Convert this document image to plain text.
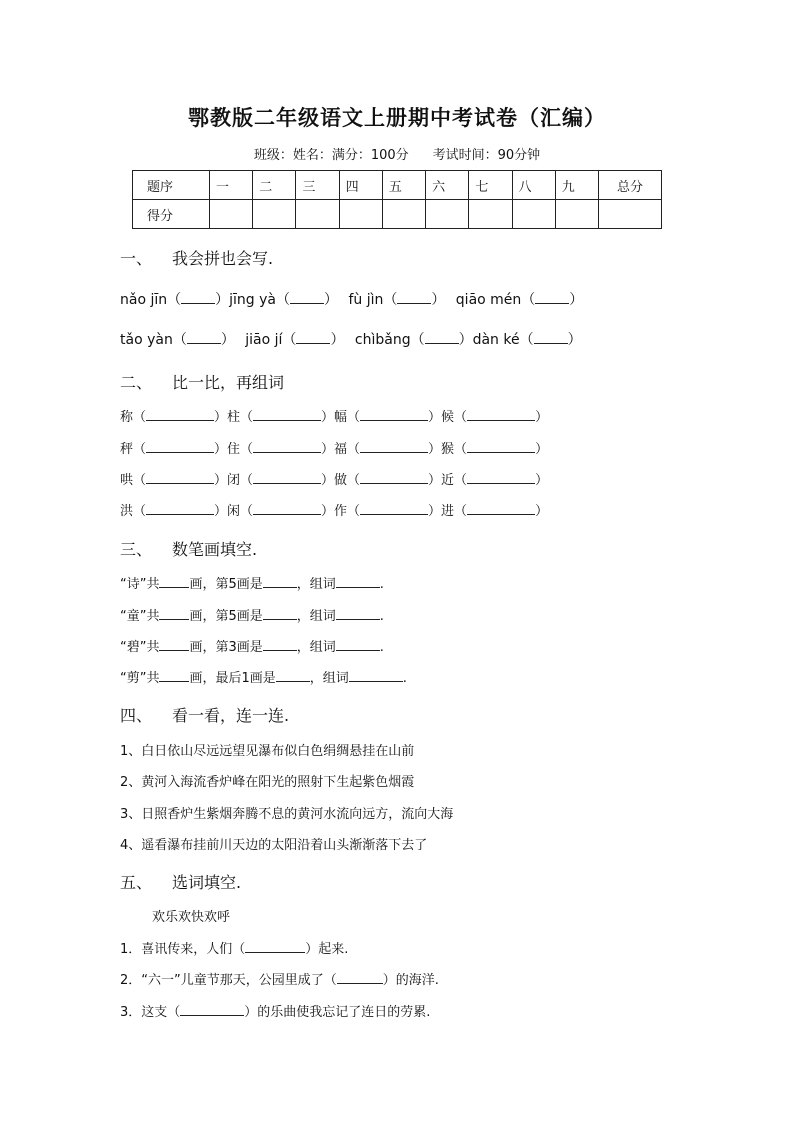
鄂教版二年级语文上册期中考试卷（汇编）
班级：姓名：满分：100分 考试时间：90分钟
题序	一	二	三	四	五	六	七	八	九	总分
得分										
一、 我会拼也会写.
nǎo jīn（ ）jīng yà（ ） fù jìn（ ） qiāo mén（ ）
tǎo yàn（ ） jiāo jí（ ） chìbǎng（ ）dàn ké（ ）
二、 比一比，再组词
称（	）柱（	）幅（	）候（	）
秤（	）住（	）福（	）猴（	）
哄（	）闭（	）做（	）近（	）
洪（	）闲（	）作（	）进（	）
三、 数笔画填空.
“诗”共 画，第5画是	，组词	.
“童”共 画，第5画是	，组词	.
“碧”共 画，第3画是	，组词	.
“剪”共 画，最后1画是	，组词	.
四、 看一看，连一连.
1、白日依山尽远远望见瀑布似白色绢绸悬挂在山前
2、黄河入海流香炉峰在阳光的照射下生起紫色烟霞
3、日照香炉生紫烟奔腾不息的黄河水流向远方，流向大海
4、遥看瀑布挂前川天边的太阳沿着山头渐渐落下去了
五、 选词填空.
欢乐欢快欢呼
1．喜讯传来，人们（	）起来.
2．“六一”儿童节那天，公园里成了（	）的海洋.
3．这支（	）的乐曲使我忘记了连日的劳累.
